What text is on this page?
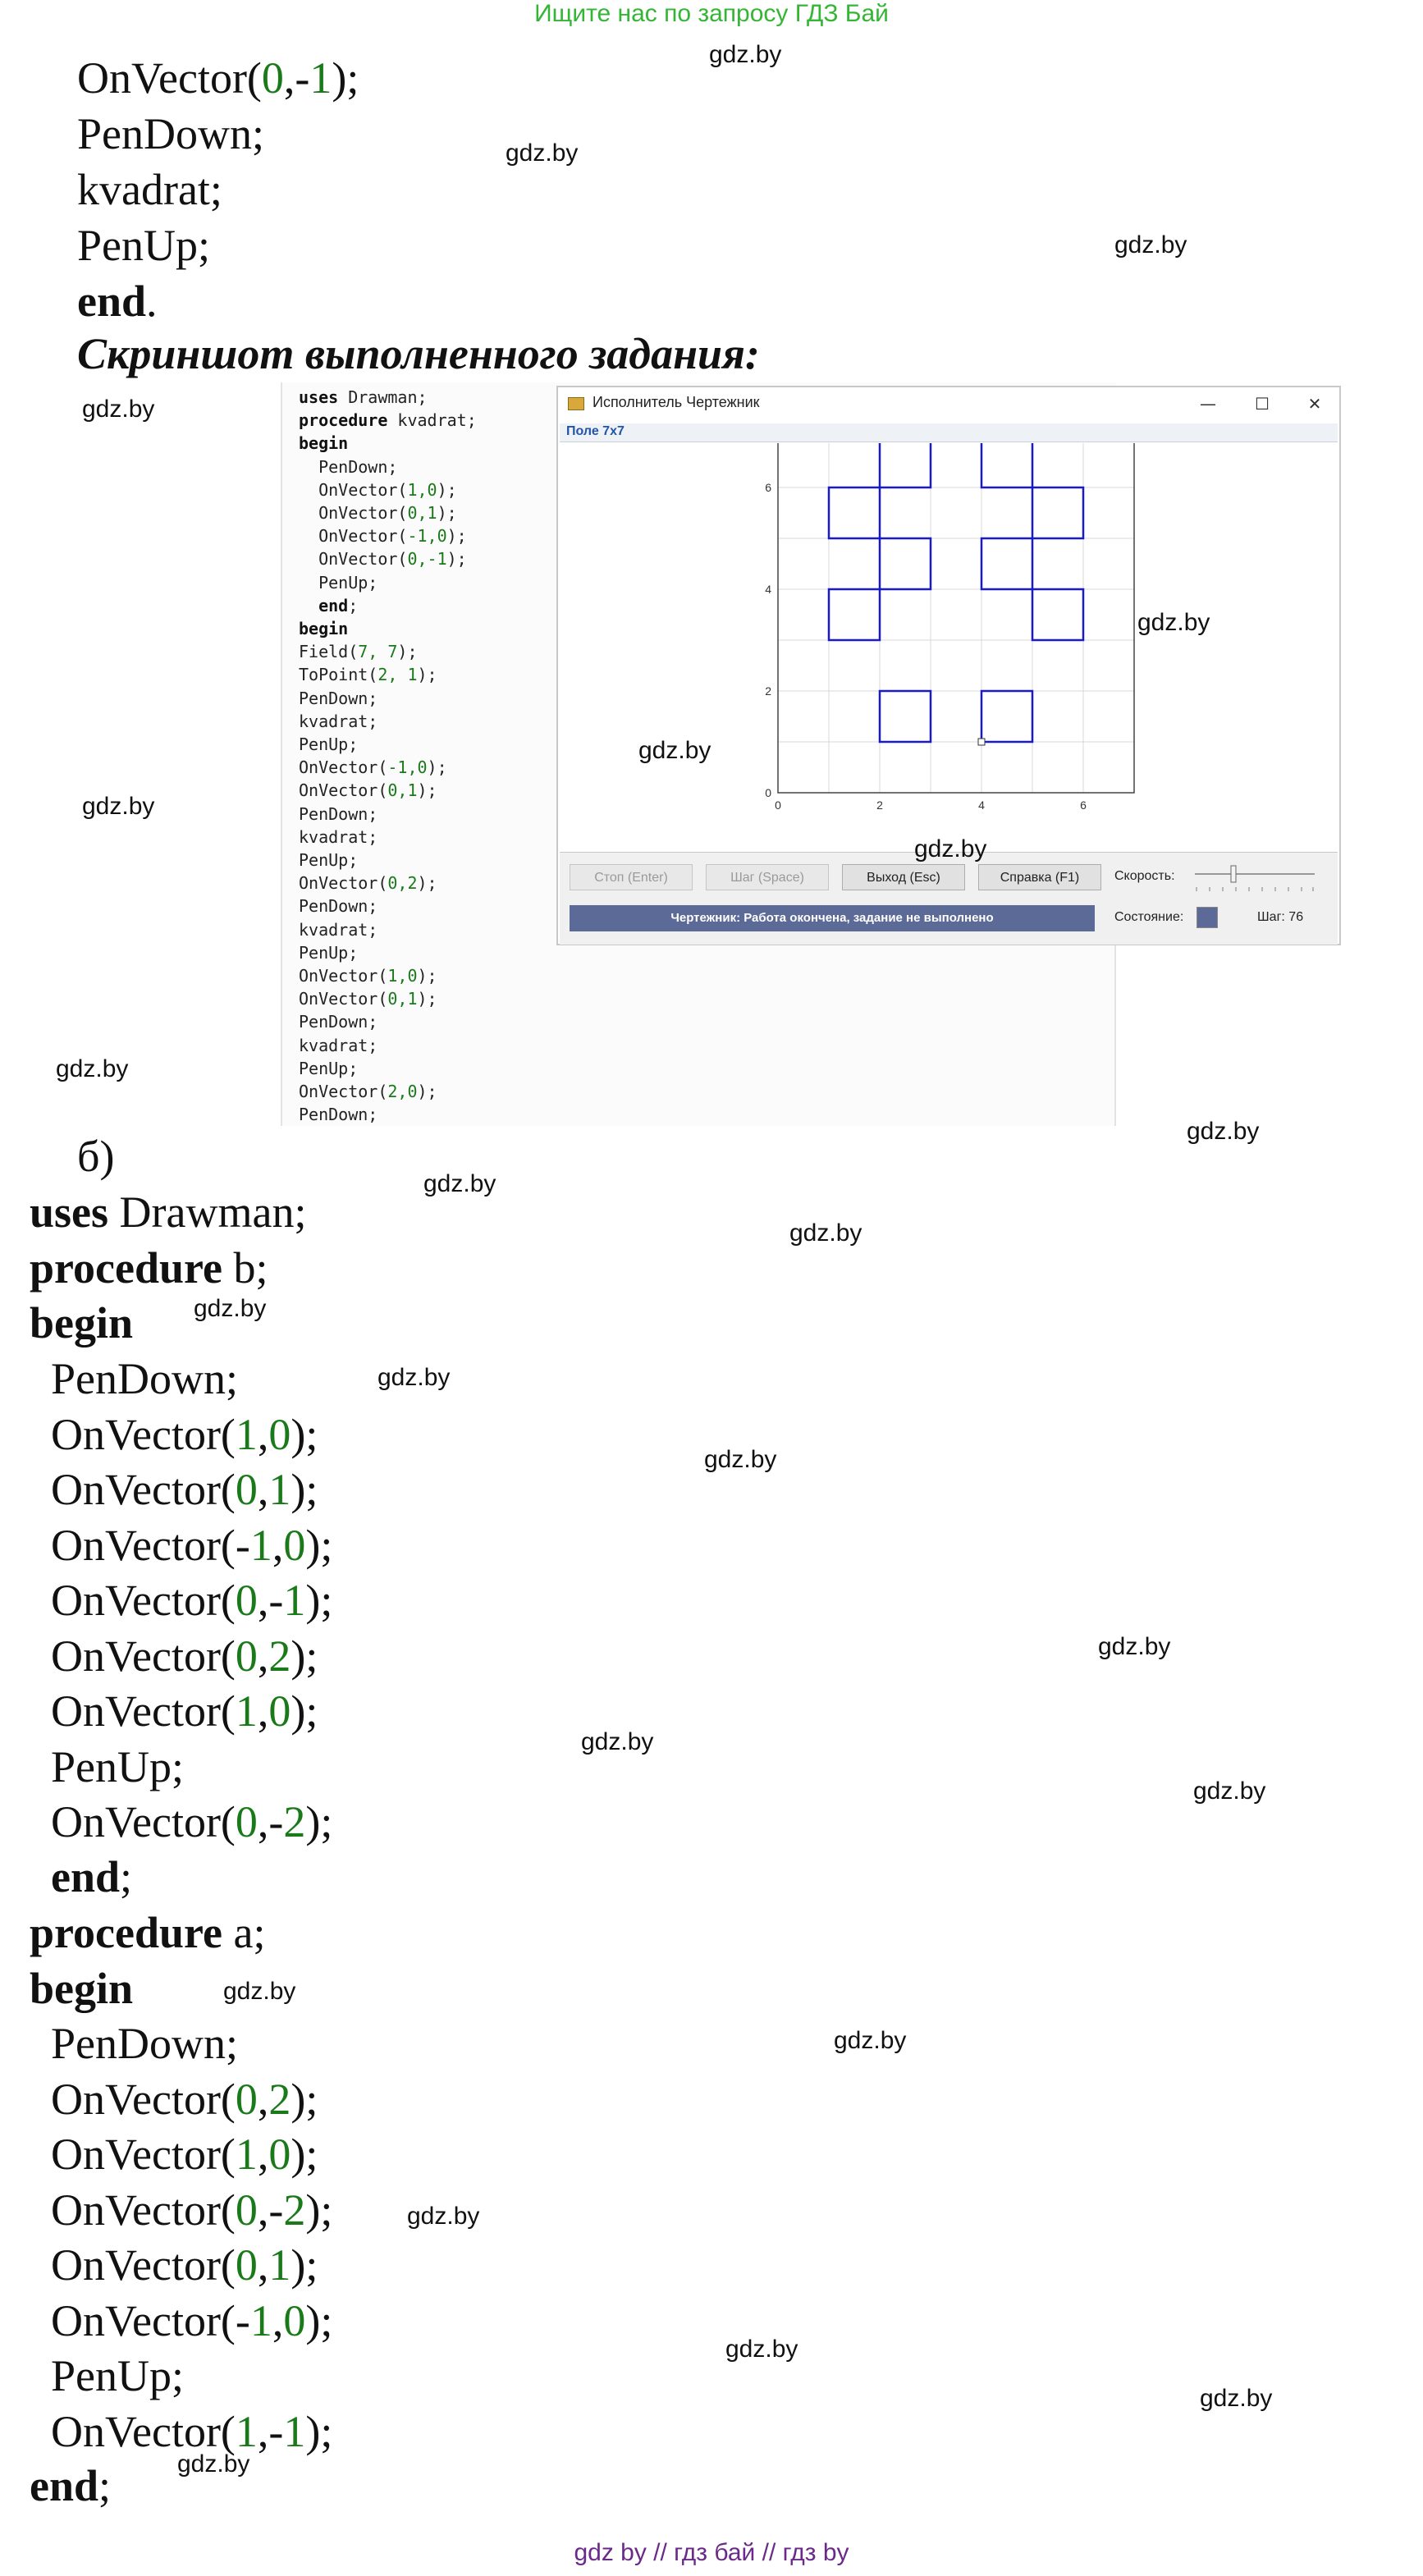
Ищите нас по запросу ГДЗ Бай
OnVector(0,-1);
PenDown;
kvadrat;
PenUp;
end.
Скриншот выполненного задания:
uses Drawman;
procedure kvadrat;
begin
PenDown;
OnVector(1,0);
OnVector(0,1);
OnVector(-1,0);
OnVector(0,-1);
PenUp;
end;
begin
Field(7, 7);
ToPoint(2, 1);
PenDown;
kvadrat;
PenUp;
OnVector(-1,0);
OnVector(0,1);
PenDown;
kvadrat;
PenUp;
OnVector(0,2);
PenDown;
kvadrat;
PenUp;
OnVector(1,0);
OnVector(0,1);
PenDown;
kvadrat;
PenUp;
OnVector(2,0);
PenDown;
Исполнитель Чертежник	—	☐	✕
Поле 7x7
0	2	4	6
0
2
4
6
Стоп (Enter)	Шаг (Space)	Выход (Esc)	Справка (F1)
Чертежник: Работа окончена, задание не выполнено
Скорость:
Состояние:	Шаг: 76
gdz.by
gdz.by
gdz.by
gdz.by
gdz.by
gdz.by
gdz.by
gdz.by
gdz.by
gdz.by
gdz.by
gdz.by
gdz.by
gdz.by
gdz.by
gdz.by
gdz.by
gdz.by
gdz.by
gdz.by
gdz.by
gdz.by
gdz.by
gdz.by
б)
uses Drawman;
procedure b;
begin
PenDown;
OnVector(1,0);
OnVector(0,1);
OnVector(-1,0);
OnVector(0,-1);
OnVector(0,2);
OnVector(1,0);
PenUp;
OnVector(0,-2);
end;
procedure a;
begin
PenDown;
OnVector(0,2);
OnVector(1,0);
OnVector(0,-2);
OnVector(0,1);
OnVector(-1,0);
PenUp;
OnVector(1,-1);
end;
gdz by // гдз бай // гдз by
